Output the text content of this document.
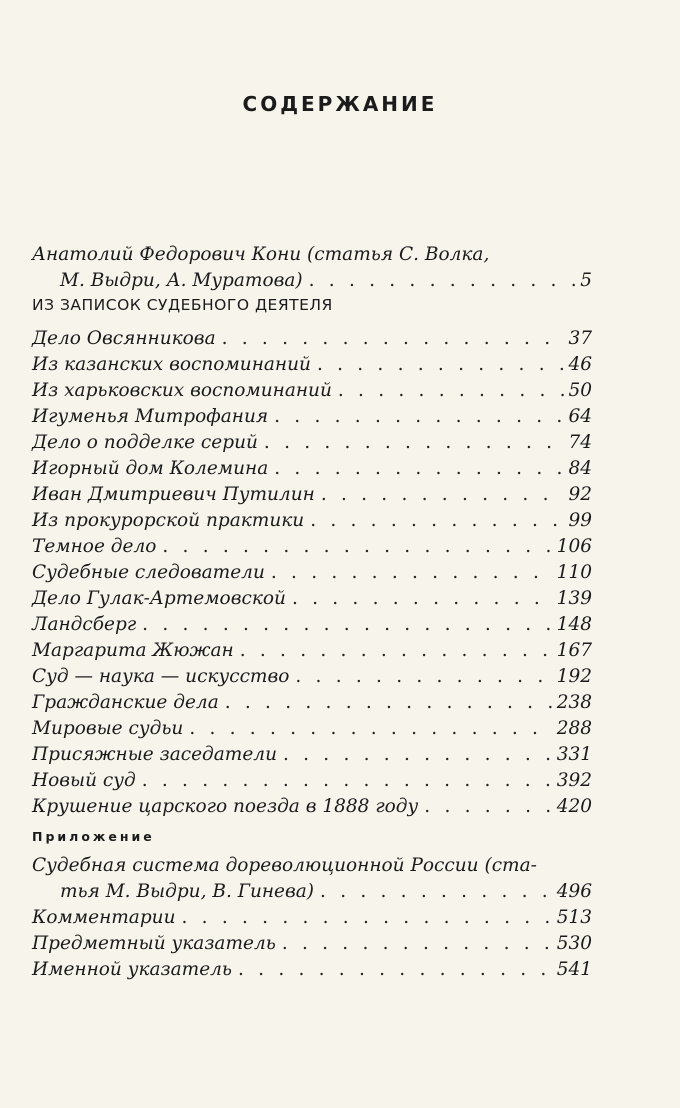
СОДЕРЖАНИЕ
Анатолий Федорович Кони (статья С. Волка,
М. Выдри, А. Муратова) . . .	5
ИЗ ЗАПИСОК СУДЕБНОГО ДЕЯТЕЛЯ
Дело Овсянникова . . .	37
Из казанских воспоминаний . . .	46
Из харьковских воспоминаний . . .	50
Игуменья Митрофания . . .	64
Дело о подделке серий . . .	74
Игорный дом Колемина . . .	84
Иван Дмитриевич Путилин . . .	92
Из прокурорской практики . . .	99
Темное дело . . .	106
Судебные следователи . . .	110
Дело Гулак-Артемовской . . .	139
Ландсберг . . .	148
Маргарита Жюжан . . .	167
Суд — наука — искусство . . .	192
Гражданские дела . . .	238
Мировые судьи . . .	288
Присяжные заседатели . . .	331
Новый суд . . .	392
Крушение царского поезда в 1888 году . . .	420
Приложение
Судебная система дореволюционной России (ста-
тья М. Выдри, В. Гинева) . . .	496
Комментарии . . .	513
Предметный указатель . . .	530
Именной указатель . . .	541
